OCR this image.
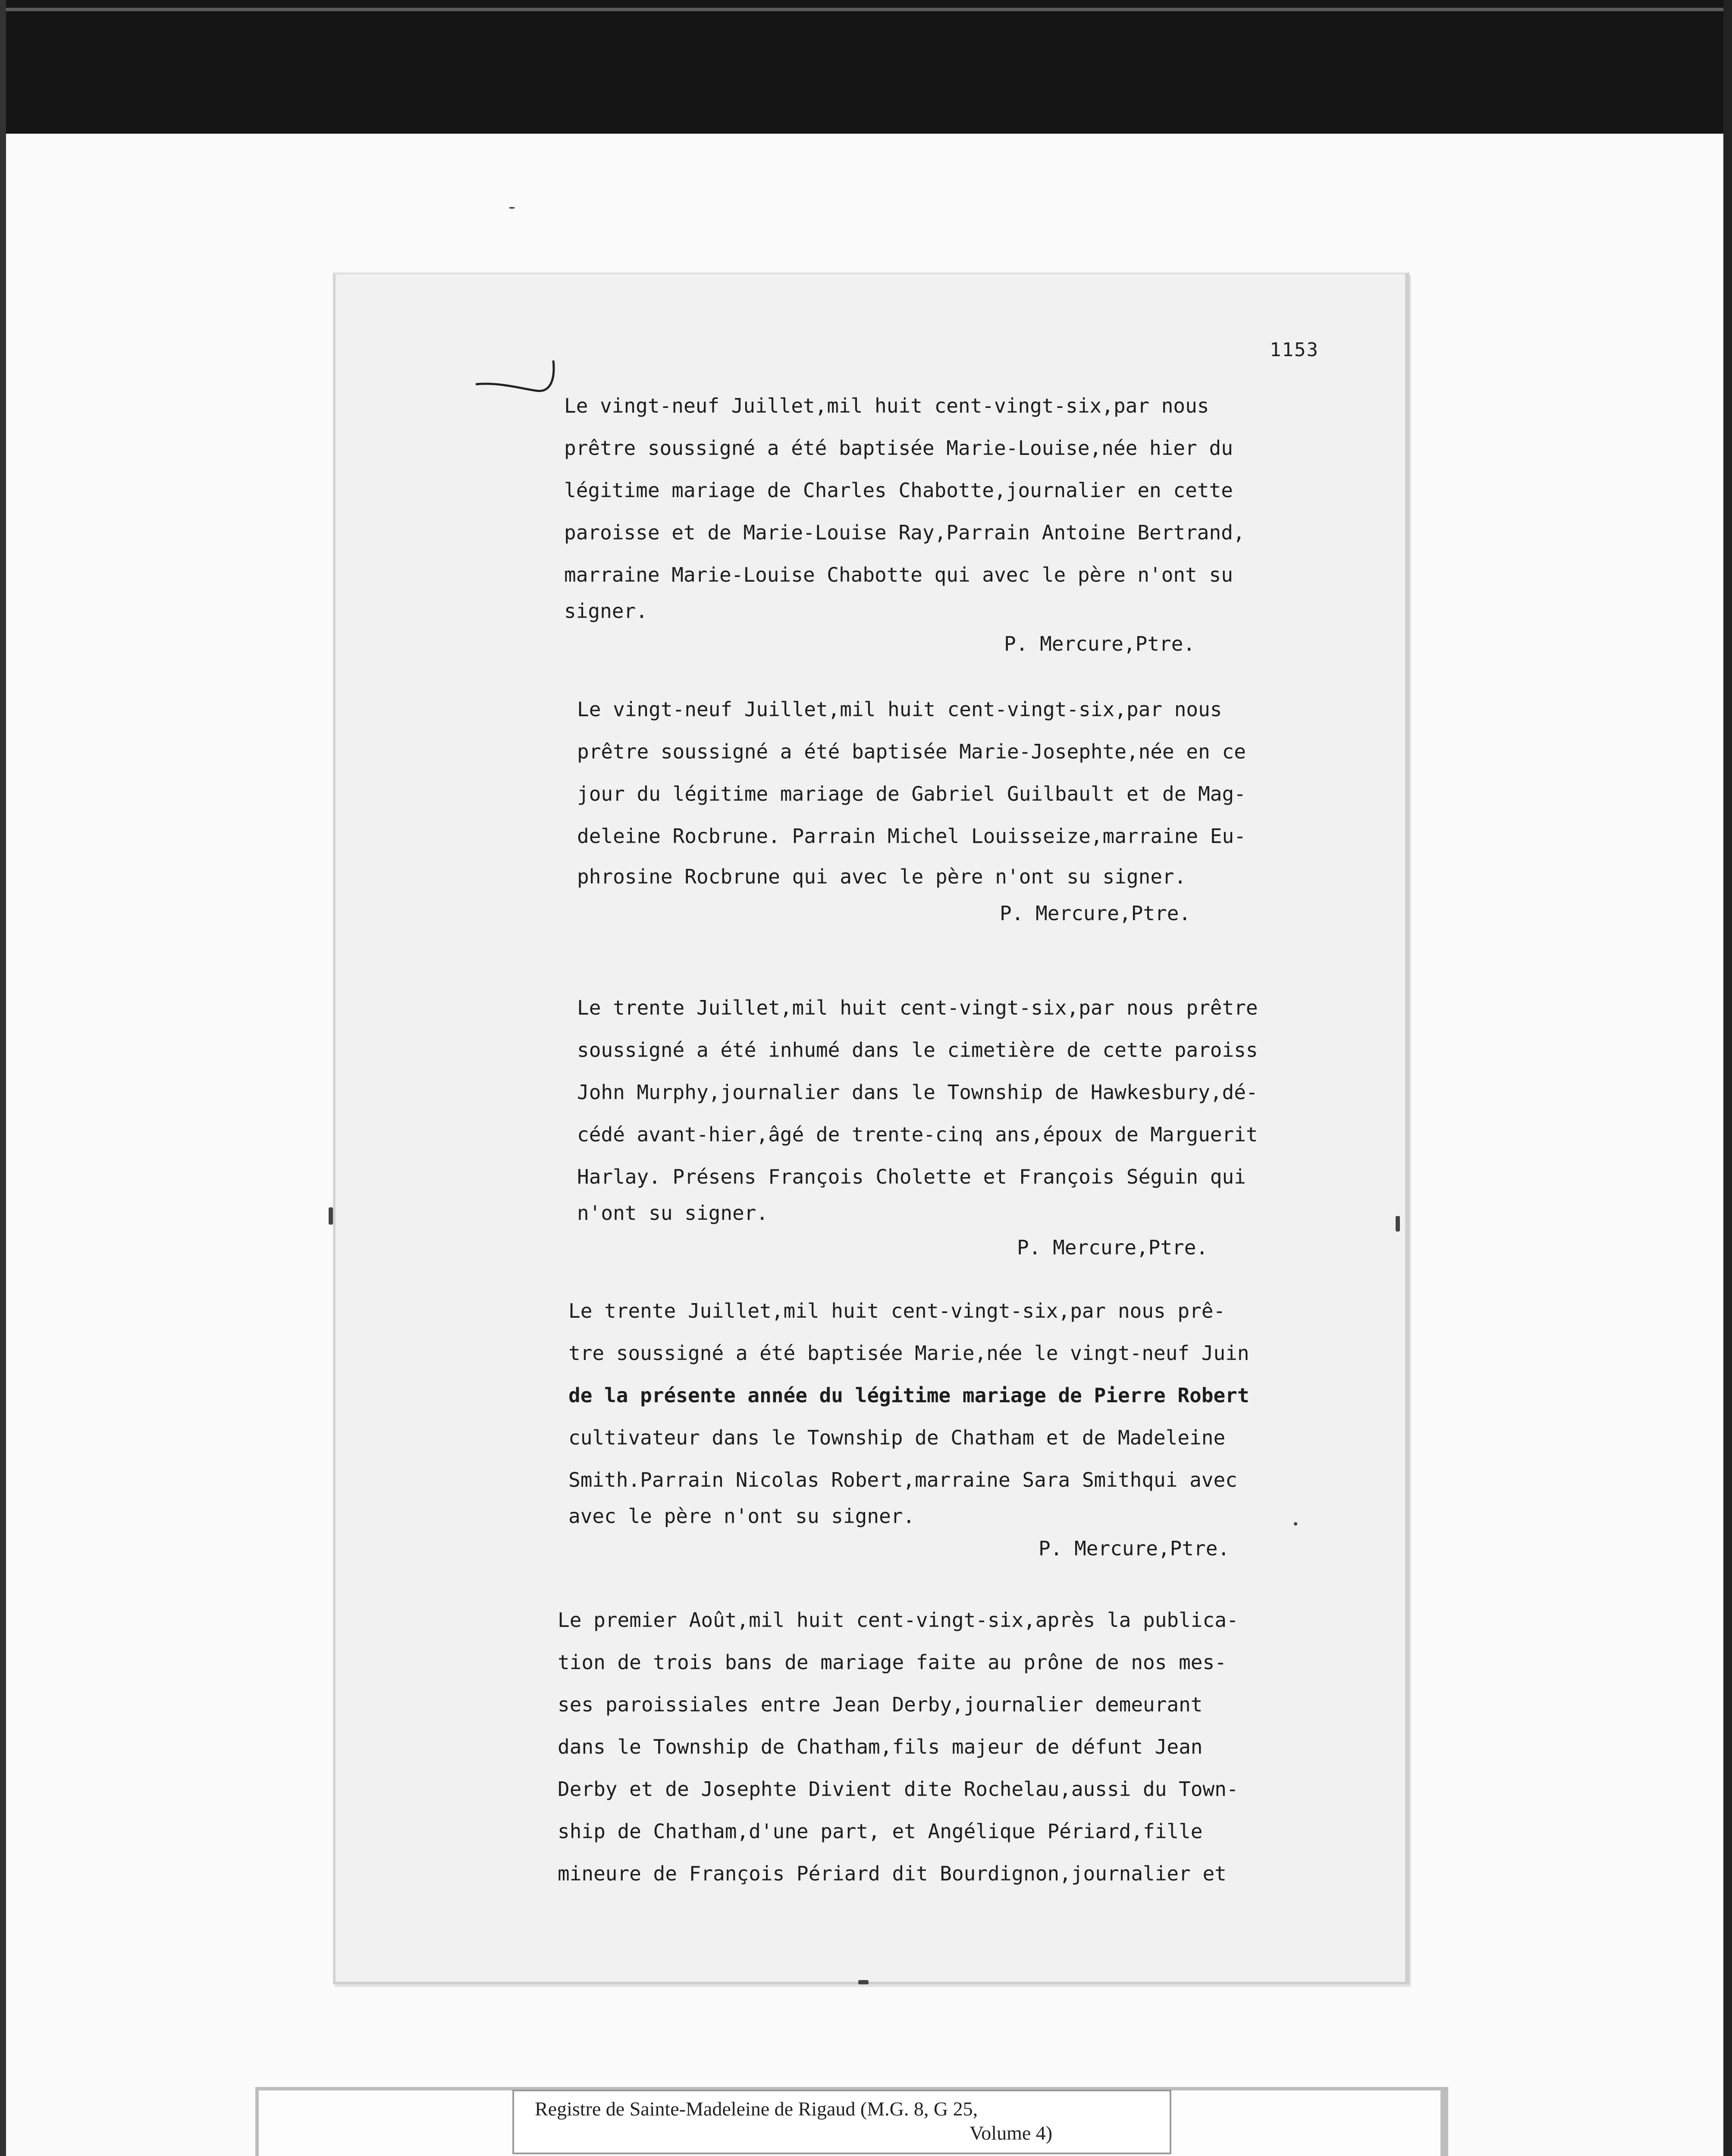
1153
Le vingt-neuf Juillet,mil huit cent-vingt-six,par nous
prêtre soussigné a été baptisée Marie-Louise,née hier du
légitime mariage de Charles Chabotte,journalier en cette
paroisse et de Marie-Louise Ray,Parrain Antoine Bertrand,
marraine Marie-Louise Chabotte qui avec le père n'ont su
signer.
P. Mercure,Ptre.
Le vingt-neuf Juillet,mil huit cent-vingt-six,par nous
prêtre soussigné a été baptisée Marie-Josephte,née en ce
jour du légitime mariage de Gabriel Guilbault et de Mag-
deleine Rocbrune. Parrain Michel Louisseize,marraine Eu-
phrosine Rocbrune qui avec le père n'ont su signer.
P. Mercure,Ptre.
Le trente Juillet,mil huit cent-vingt-six,par nous prêtre
soussigné a été inhumé dans le cimetière de cette paroiss
John Murphy,journalier dans le Township de Hawkesbury,dé-
cédé avant-hier,âgé de trente-cinq ans,époux de Marguerit
Harlay. Présens François Cholette et François Séguin qui
n'ont su signer.
P. Mercure,Ptre.
Le trente Juillet,mil huit cent-vingt-six,par nous prê-
tre soussigné a été baptisée Marie,née le vingt-neuf Juin
de la présente année du légitime mariage de Pierre Robert
cultivateur dans le Township de Chatham et de Madeleine
Smith.Parrain Nicolas Robert,marraine Sara Smithqui avec
avec le père n'ont su signer.
P. Mercure,Ptre.
Le premier Août,mil huit cent-vingt-six,après la publica-
tion de trois bans de mariage faite au prône de nos mes-
ses paroissiales entre Jean Derby,journalier demeurant
dans le Township de Chatham,fils majeur de défunt Jean
Derby et de Josephte Divient dite Rochelau,aussi du Town-
ship de Chatham,d'une part, et Angélique Périard,fille
mineure de François Périard dit Bourdignon,journalier et
Registre de Sainte-Madeleine de Rigaud (M.G. 8, G 25,
Volume 4)
